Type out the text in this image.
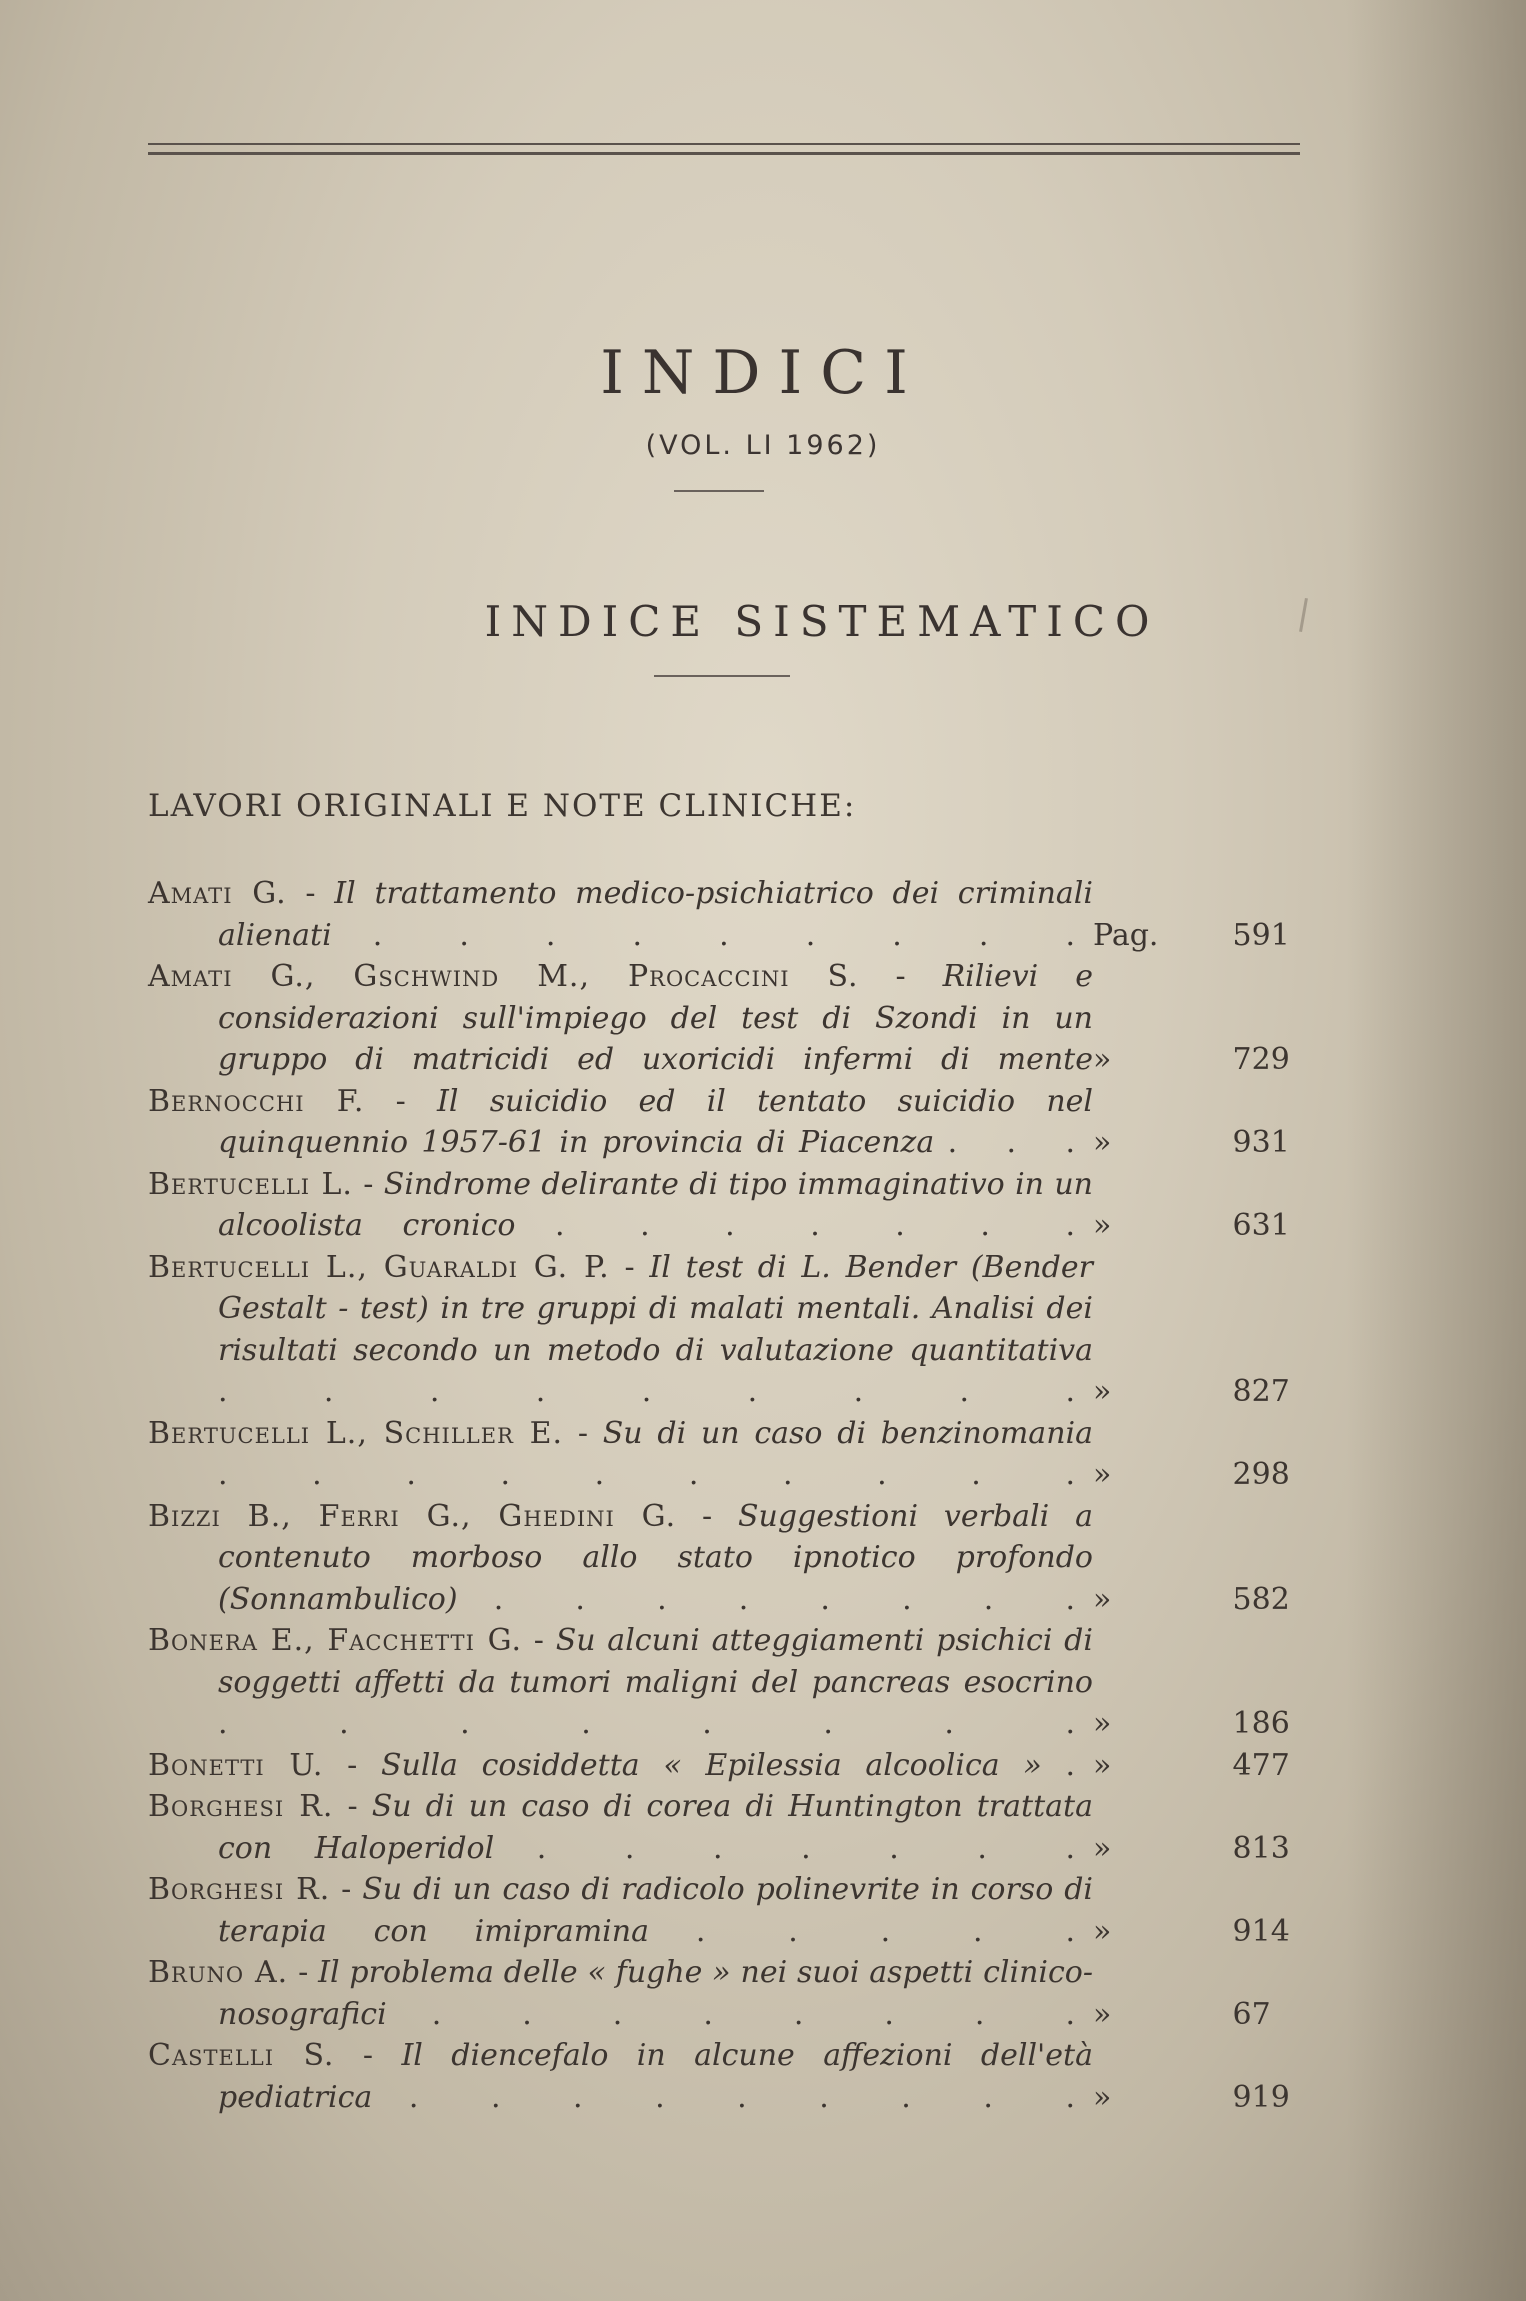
INDICI
(VOL. LI 1962)
INDICE SISTEMATICO
LAVORI ORIGINALI E NOTE CLINICHE:
Amati G. - Il trattamento medico-psichiatrico dei criminali alienati . . . . . . . . . Pag. 591
Amati G., Gschwind M., Procaccini S. - Rilievi e considerazioni sull'impiego del test di Szondi in un gruppo di matricidi ed uxoricidi infermi di mente »	729
Bernocchi F. - Il suicidio ed il tentato suicidio nel quinquennio 1957-61 in provincia di Piacenza . . . »	931
Bertucelli L. - Sindrome delirante di tipo immaginativo in un alcoolista cronico . . . . . . . »	631
Bertucelli L., Guaraldi G. P. - Il test di L. Bender (Bender Gestalt - test) in tre gruppi di malati mentali. Analisi dei risultati secondo un metodo di valutazione quantitativa . . . . . . . . . »	827
Bertucelli L., Schiller E. - Su di un caso di benzinomania . . . . . . . . . . »	298
Bizzi B., Ferri G., Ghedini G. - Suggestioni verbali a contenuto morboso allo stato ipnotico profondo (Sonnambulico) . . . . . . . . »	582
Bonera E., Facchetti G. - Su alcuni atteggiamenti psichici di soggetti affetti da tumori maligni del pancreas esocrino . . . . . . . . »	186
Bonetti U. - Sulla cosiddetta « Epilessia alcoolica » . »	477
Borghesi R. - Su di un caso di corea di Huntington trattata con Haloperidol . . . . . . . »	813
Borghesi R. - Su di un caso di radicolo polinevrite in corso di terapia con imipramina . . . . . »	914
Bruno A. - Il problema delle « fughe » nei suoi aspetti clinico-nosografici . . . . . . . . »	67
Castelli S. - Il diencefalo in alcune affezioni dell'età pediatrica . . . . . . . . . »	919
